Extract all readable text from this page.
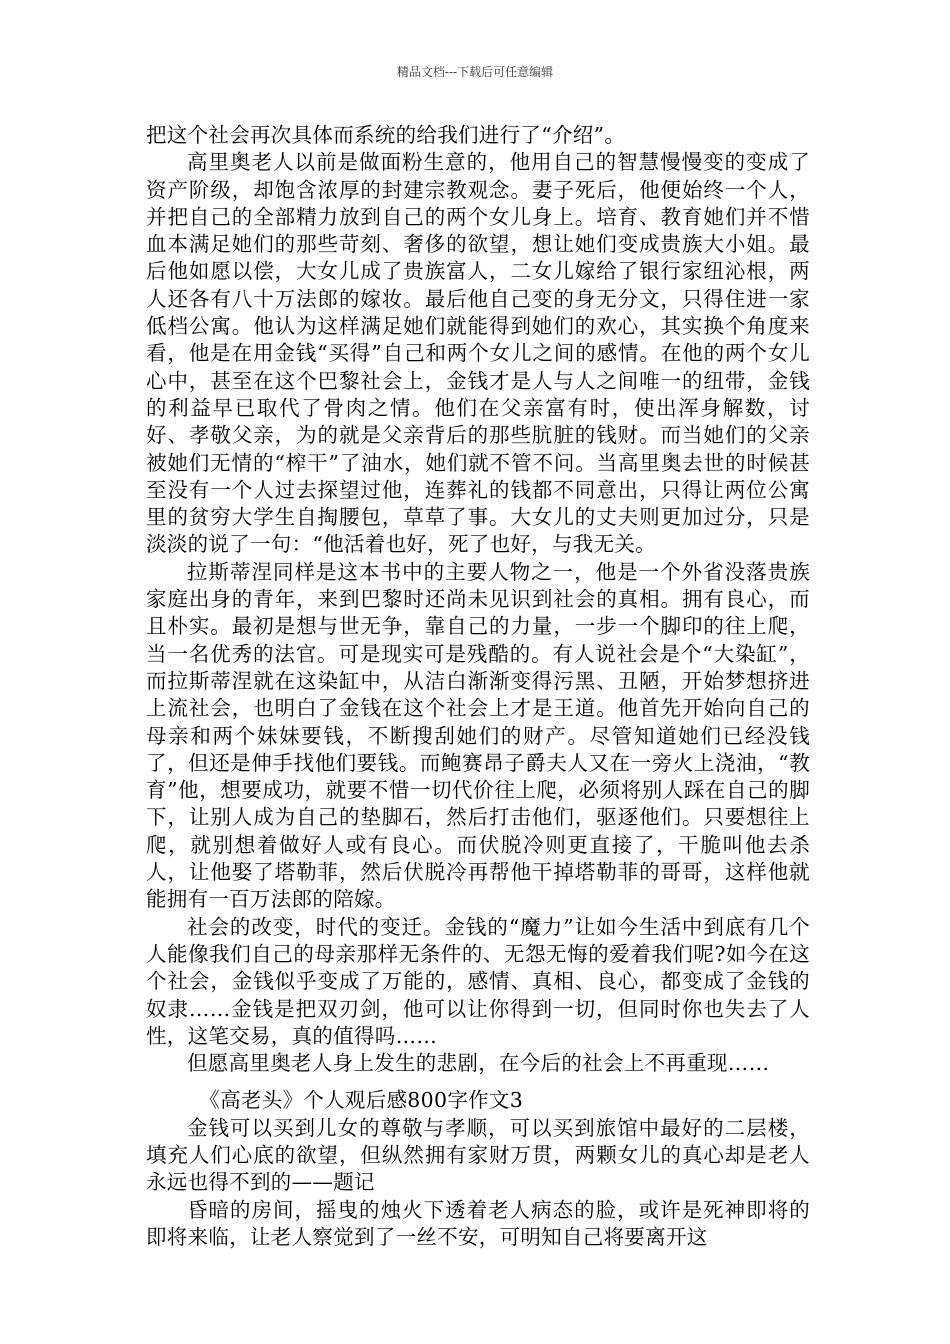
精品文档---下载后可任意编辑

把这个社会再次具体而系统的给我们进行了“介绍”。

高里奥老人以前是做面粉生意的，他用自己的智慧慢慢变的变成了资产阶级，却饱含浓厚的封建宗教观念。妻子死后，他便始终一个人，并把自己的全部精力放到自己的两个女儿身上。培育、教育她们并不惜血本满足她们的那些苛刻、奢侈的欲望，想让她们变成贵族大小姐。最后他如愿以偿，大女儿成了贵族富人，二女儿嫁给了银行家纽沁根，两人还各有八十万法郎的嫁妆。最后他自己变的身无分文，只得住进一家低档公寓。他认为这样满足她们就能得到她们的欢心，其实换个角度来看，他是在用金钱“买得”自己和两个女儿之间的感情。在他的两个女儿心中，甚至在这个巴黎社会上，金钱才是人与人之间唯一的纽带，金钱的利益早已取代了骨肉之情。他们在父亲富有时，使出浑身解数，讨好、孝敬父亲，为的就是父亲背后的那些肮脏的钱财。而当她们的父亲被她们无情的“榨干”了油水，她们就不管不问。当高里奥去世的时候甚至没有一个人过去探望过他，连葬礼的钱都不同意出，只得让两位公寓里的贫穷大学生自掏腰包，草草了事。大女儿的丈夫则更加过分，只是淡淡的说了一句：“他活着也好，死了也好，与我无关。

拉斯蒂涅同样是这本书中的主要人物之一，他是一个外省没落贵族家庭出身的青年，来到巴黎时还尚未见识到社会的真相。拥有良心，而且朴实。最初是想与世无争，靠自己的力量，一步一个脚印的往上爬，当一名优秀的法官。可是现实可是残酷的。有人说社会是个“大染缸”，而拉斯蒂涅就在这染缸中，从洁白渐渐变得污黑、丑陋，开始梦想挤进上流社会，也明白了金钱在这个社会上才是王道。他首先开始向自己的母亲和两个妹妹要钱，不断搜刮她们的财产。尽管知道她们已经没钱了，但还是伸手找他们要钱。而鲍赛昂子爵夫人又在一旁火上浇油，“教育”他，想要成功，就要不惜一切代价往上爬，必须将别人踩在自己的脚下，让别人成为自己的垫脚石，然后打击他们，驱逐他们。只要想往上爬，就别想着做好人或有良心。而伏脱冷则更直接了，干脆叫他去杀人，让他娶了塔勒菲，然后伏脱冷再帮他干掉塔勒菲的哥哥，这样他就能拥有一百万法郎的陪嫁。

社会的改变，时代的变迁。金钱的“魔力”让如今生活中到底有几个人能像我们自己的母亲那样无条件的、无怨无悔的爱着我们呢?如今在这个社会，金钱似乎变成了万能的，感情、真相、良心，都变成了金钱的奴隶……金钱是把双刃剑，他可以让你得到一切，但同时你也失去了人性，这笔交易，真的值得吗……

但愿高里奥老人身上发生的悲剧，在今后的社会上不再重现……

《高老头》个人观后感800字作文3

金钱可以买到儿女的尊敬与孝顺，可以买到旅馆中最好的二层楼，填充人们心底的欲望，但纵然拥有家财万贯，两颗女儿的真心却是老人永远也得不到的——题记

昏暗的房间，摇曳的烛火下透着老人病态的脸，或许是死神即将的即将来临，让老人察觉到了一丝不安，可明知自己将要离开这
